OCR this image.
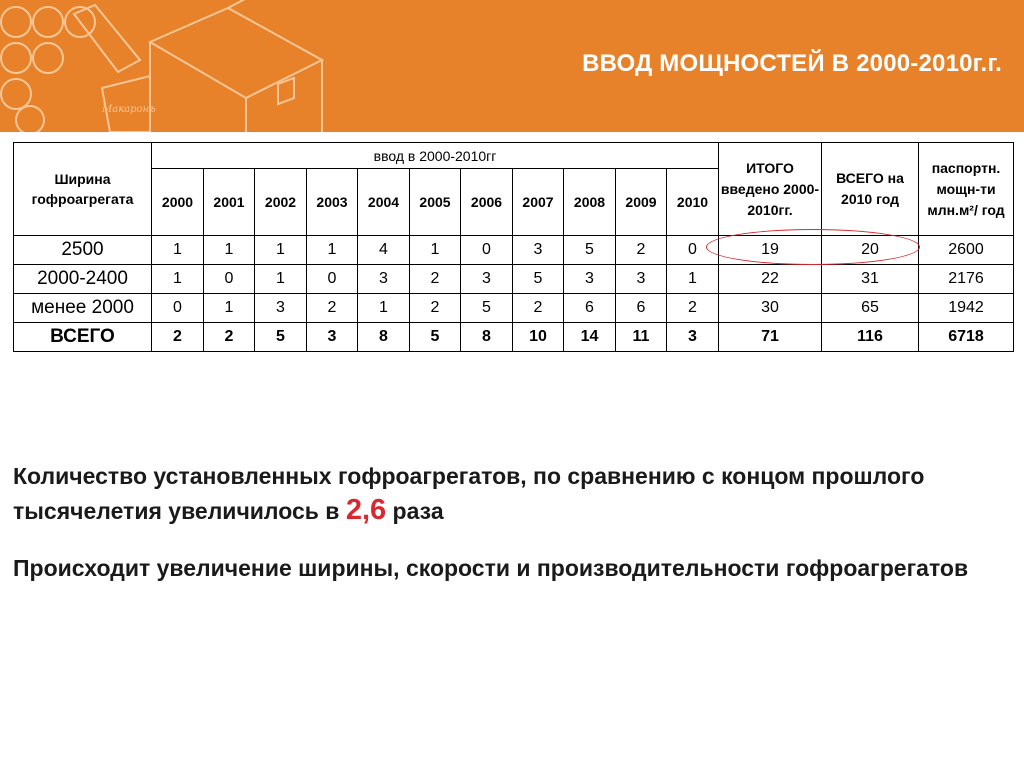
Макаронъ
ВВОД МОЩНОСТЕЙ В 2000-2010г.г.
Ширина гофроагрегата	ввод в 2000-2010гг											ИТОГО введено 2000-2010гг.	ВСЕГО на 2010 год	паспортн. мощн-ти млн.м²/ год
	2000	2001	2002	2003	2004	2005	2006	2007	2008	2009	2010			
2500	1	1	1	1	4	1	0	3	5	2	0	19	20	2600
2000-2400	1	0	1	0	3	2	3	5	3	3	1	22	31	2176
менее 2000	0	1	3	2	1	2	5	2	6	6	2	30	65	1942
ВСЕГО	2	2	5	3	8	5	8	10	14	11	3	71	116	6718
Количество установленных гофроагрегатов, по сравнению с концом прошлого тысячелетия увеличилось в 2,6 раза
Происходит увеличение ширины, скорости и производительности гофроагрегатов
